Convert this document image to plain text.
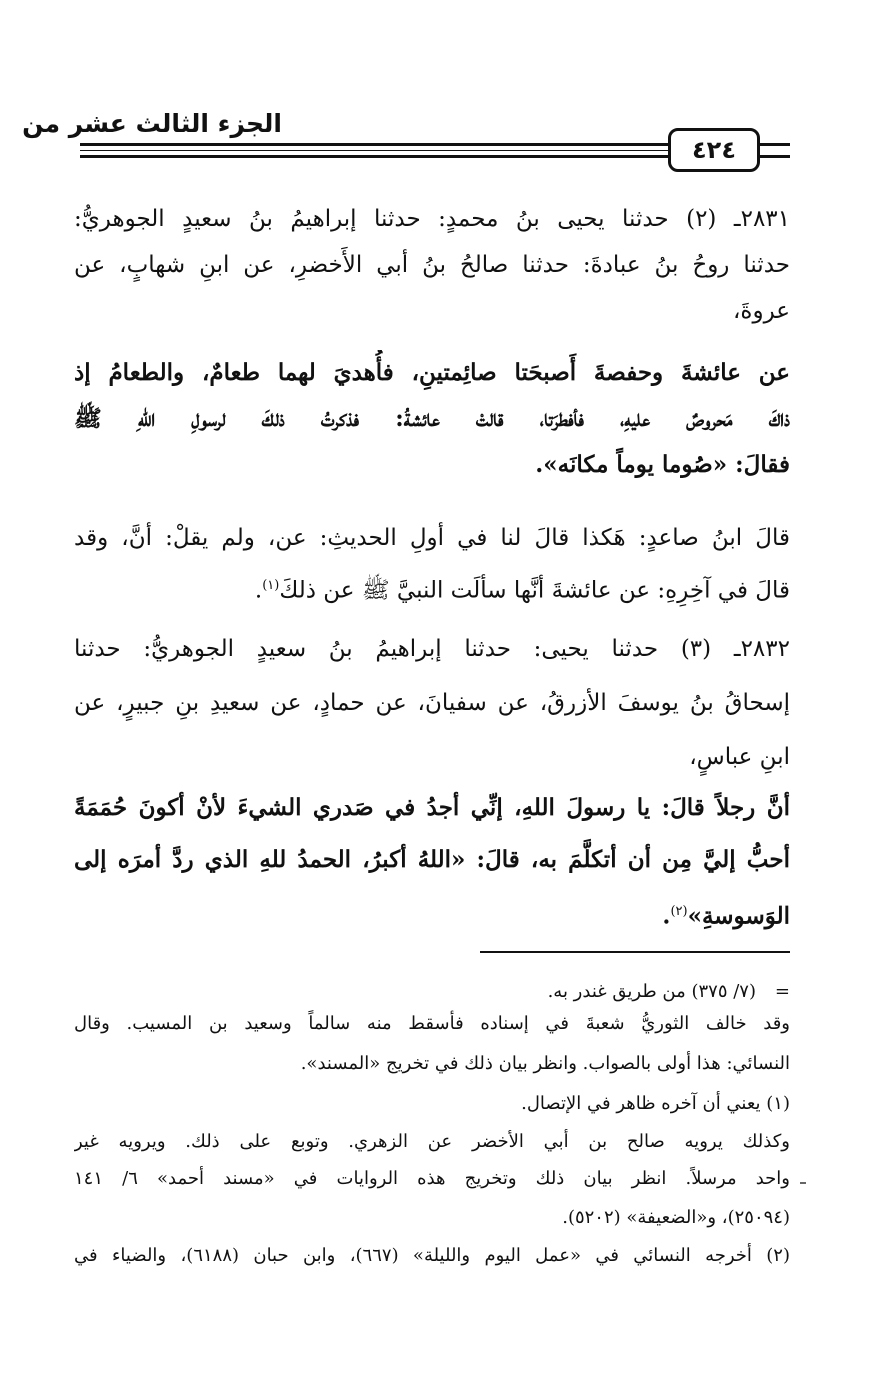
الجزء الثالث عشر من
٤٢٤
٢٨٣١ـ (٢) حدثنا يحيى بنُ محمدٍ: حدثنا إبراهيمُ بنُ سعيدٍ الجوهريُّ:
حدثنا روحُ بنُ عبادةَ: حدثنا صالحُ بنُ أبي الأَخضرِ، عن ابنِ شهابٍ، عن
عروةَ،
عن عائشةَ وحفصةَ أَصبحَتا صائِمتينِ، فأُهديَ لهما طعامٌ، والطعامُ إذ
ذاكَ مَحروصٌ عليهِ، فأفطرَتا، قالتْ عائشةُ: فذكرتُ ذلكَ لرسولِ اللهِ ﷺ
فقالَ: «صُوما يوماً مكانَه».
قالَ ابنُ صاعدٍ: هَكذا قالَ لنا في أولِ الحديثِ: عن، ولم يقلْ: أنَّ، وقد
قالَ في آخِرِهِ: عن عائشةَ أنَّها سألَت النبيَّ ﷺ عن ذلكَ$^{(١)}$.
٢٨٣٢ـ (٣) حدثنا يحيى: حدثنا إبراهيمُ بنُ سعيدٍ الجوهريُّ: حدثنا
إسحاقُ بنُ يوسفَ الأزرقُ، عن سفيانَ، عن حمادٍ، عن سعيدِ بنِ جبيرٍ، عن
ابنِ عباسٍ،
أنَّ رجلاً قالَ: يا رسولَ اللهِ، إنِّي أجدُ في صَدري الشيءَ لأنْ أكونَ حُمَمَةً
أحبُّ إليَّ مِن أن أتكلَّمَ به، قالَ: «اللهُ أكبرُ، الحمدُ للهِ الذي ردَّ أمرَه إلى
الوَسوسةِ»$^{(٢)}$.
=(٧/ ٣٧٥) من طريق غندر به.
وقد خالف الثوريُّ شعبةَ في إسناده فأسقط منه سالماً وسعيد بن المسيب. وقال
النسائي: هذا أولى بالصواب. وانظر بيان ذلك في تخريج «المسند».
(١) يعني أن آخره ظاهر في الإتصال.
وكذلك يرويه صالح بن أبي الأخضر عن الزهري. وتوبع على ذلك. ويرويه غير
واحد مرسلاً. انظر بيان ذلك وتخريج هذه الروايات في «مسند أحمد» ٦/ ١٤١
(٢٥٠٩٤)، و«الضعيفة» (٥٢٠٢).
(٢) أخرجه النسائي في «عمل اليوم والليلة» (٦٦٧)، وابن حبان (٦١٨٨)، والضياء في
